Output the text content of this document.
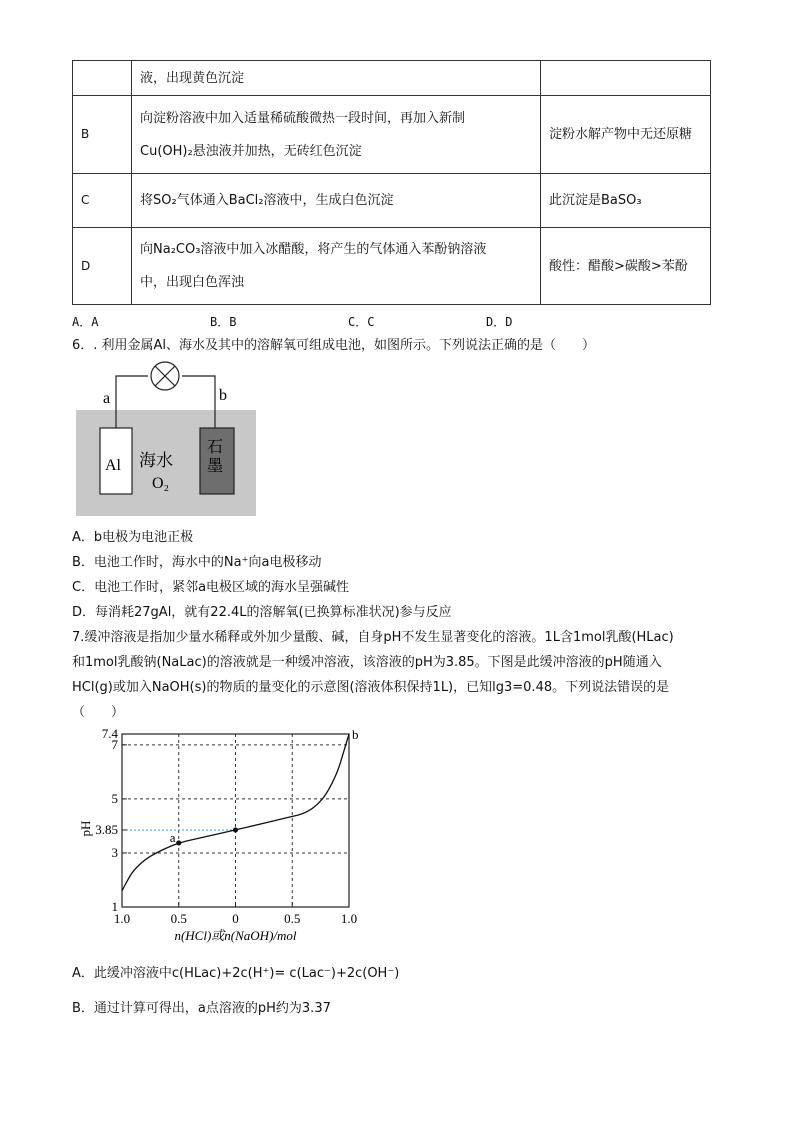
	液，出现黄色沉淀	
B	向淀粉溶液中加入适量稀硫酸微热一段时间，再加入新制
Cu(OH)₂悬浊液并加热，无砖红色沉淀	淀粉水解产物中无还原糖
C	将SO₂气体通入BaCl₂溶液中，生成白色沉淀	此沉淀是BaSO₃
D	向Na₂CO₃溶液中加入冰醋酸，将产生的气体通入苯酚钠溶液
中，出现白色浑浊	酸性：醋酸>碳酸>苯酚
A．A	B．B	C．C	D．D
6．. 利用金属Al、海水及其中的溶解氧可组成电池，如图所示。下列说法正确的是（　　）
a	b
Al
石
墨
海水
O₂
A．b电极为电池正极
B．电池工作时，海水中的Na⁺向a电极移动
C．电池工作时，紧邻a电极区域的海水呈强碱性
D．每消耗27gAl，就有22.4L的溶解氧(已换算标准状况)参与反应
7.缓冲溶液是指加少量水稀释或外加少量酸、碱，自身pH不发生显著变化的溶液。1L含1mol乳酸(HLac)
和1mol乳酸钠(NaLac)的溶液就是一种缓冲溶液，该溶液的pH为3.85。下图是此缓冲溶液的pH随通入
HCl(g)或加入NaOH(s)的物质的量变化的示意图(溶液体积保持1L)，已知lg3=0.48。下列说法错误的是
（　　）
1
3
3.85
5
7
7.4
1.0	0.5	0	0.5	1.0
n(HCl)或n(NaOH)/mol
pH
a
b
A．此缓冲溶液中c(HLac)+2c(H⁺)= c(Lac⁻)+2c(OH⁻)
B．通过计算可得出，a点溶液的pH约为3.37
